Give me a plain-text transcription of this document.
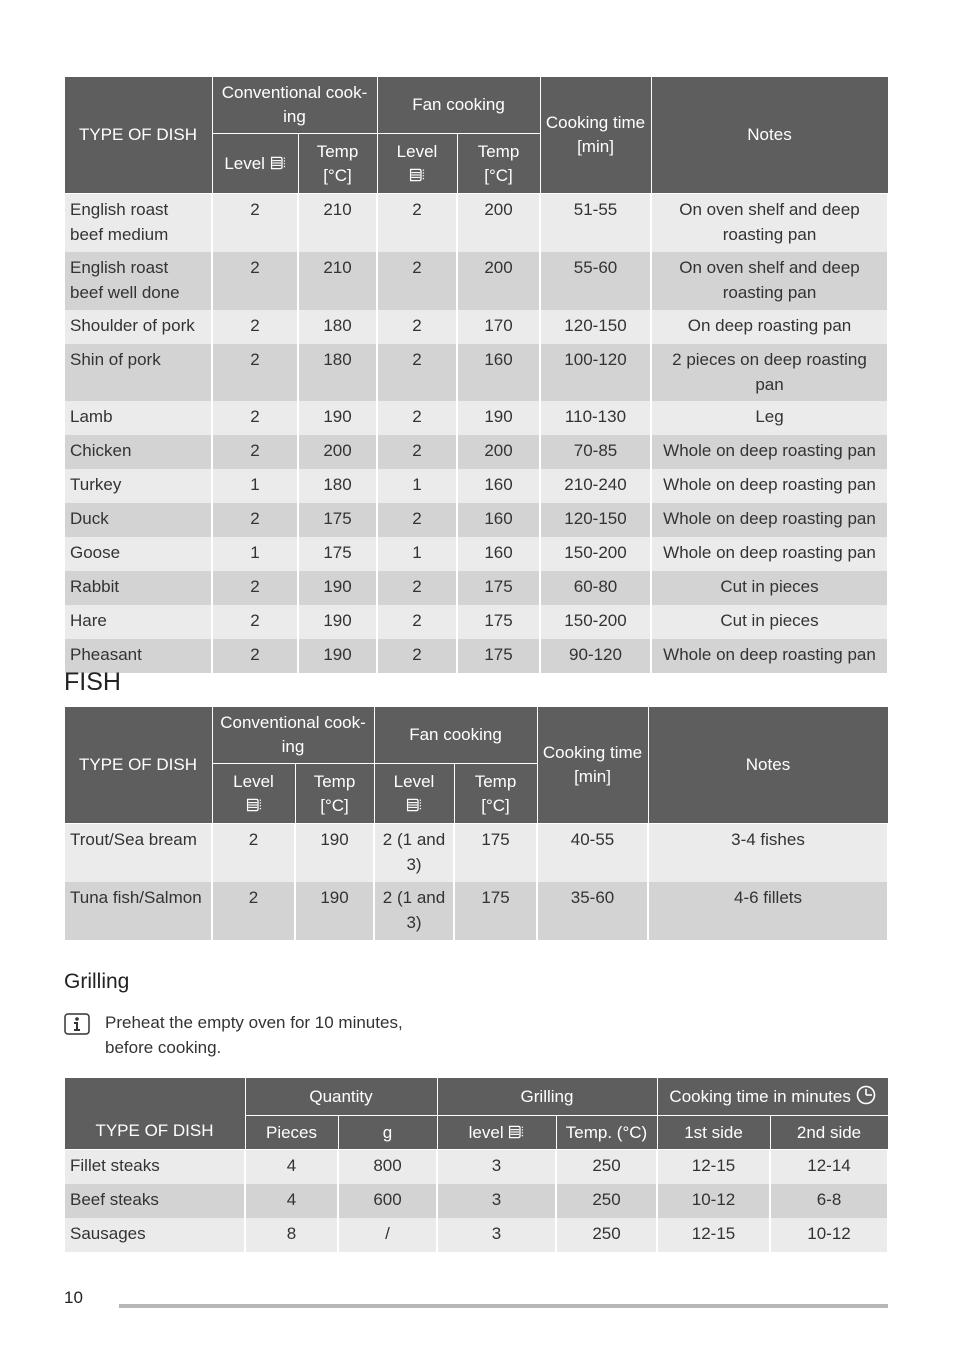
TYPE OF DISH	Conventional cook-ing		Fan cooking		Cooking time [min]	Notes
	Level	Temp [°C]	Level	Temp [°C]		
English roast beef medium	2	210	2	200	51-55	On oven shelf and deep roasting pan
English roast beef well done	2	210	2	200	55-60	On oven shelf and deep roasting pan
Shoulder of pork	2	180	2	170	120-150	On deep roasting pan
Shin of pork	2	180	2	160	100-120	2 pieces on deep roasting pan
Lamb	2	190	2	190	110-130	Leg
Chicken	2	200	2	200	70-85	Whole on deep roasting pan
Turkey	1	180	1	160	210-240	Whole on deep roasting pan
Duck	2	175	2	160	120-150	Whole on deep roasting pan
Goose	1	175	1	160	150-200	Whole on deep roasting pan
Rabbit	2	190	2	175	60-80	Cut in pieces
Hare	2	190	2	175	150-200	Cut in pieces
Pheasant	2	190	2	175	90-120	Whole on deep roasting pan
FISH
TYPE OF DISH	Conventional cook-ing		Fan cooking		Cooking time [min]	Notes
	Level	Temp [°C]	Level	Temp [°C]		
Trout/Sea bream	2	190	2 (1 and 3)	175	40-55	3-4 fishes
Tuna fish/Salmon	2	190	2 (1 and 3)	175	35-60	4-6 fillets
Grilling
Preheat the empty oven for 10 minutes, before cooking.
TYPE OF DISH	Quantity		Grilling		Cooking time in minutes	
	Pieces	g	level	Temp. (°C)	1st side	2nd side
Fillet steaks	4	800	3	250	12-15	12-14
Beef steaks	4	600	3	250	10-12	6-8
Sausages	8	/	3	250	12-15	10-12
10
